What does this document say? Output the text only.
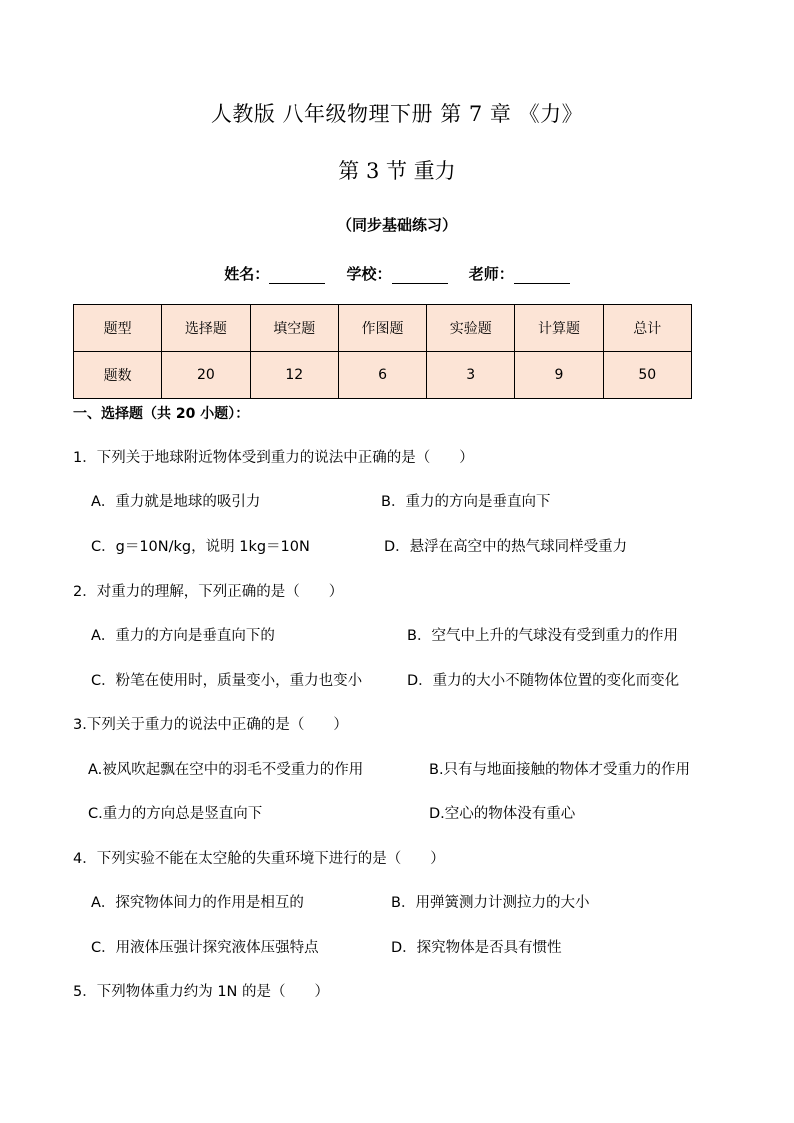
人教版 八年级物理下册 第 7 章 《力》
第 3 节 重力
（同步基础练习）
姓名：	学校：	老师：
题型	选择题	填空题	作图题	实验题	计算题	总计
题数	20	12	6	3	9	50
一、选择题（共 20 小题）：
1．下列关于地球附近物体受到重力的说法中正确的是（　　）
A．重力就是地球的吸引力	B．重力的方向是垂直向下
C．g＝10N/kg，说明 1kg＝10N	D．悬浮在高空中的热气球同样受重力
2．对重力的理解，下列正确的是（　　）
A．重力的方向是垂直向下的	B．空气中上升的气球没有受到重力的作用
C．粉笔在使用时，质量变小，重力也变小	D．重力的大小不随物体位置的变化而变化
3.下列关于重力的说法中正确的是（　　）
A.被风吹起飘在空中的羽毛不受重力的作用	B.只有与地面接触的物体才受重力的作用
C.重力的方向总是竖直向下	D.空心的物体没有重心
4．下列实验不能在太空舱的失重环境下进行的是（　　）
A．探究物体间力的作用是相互的	B．用弹簧测力计测拉力的大小
C．用液体压强计探究液体压强特点	D．探究物体是否具有惯性
5．下列物体重力约为 1N 的是（　　）
